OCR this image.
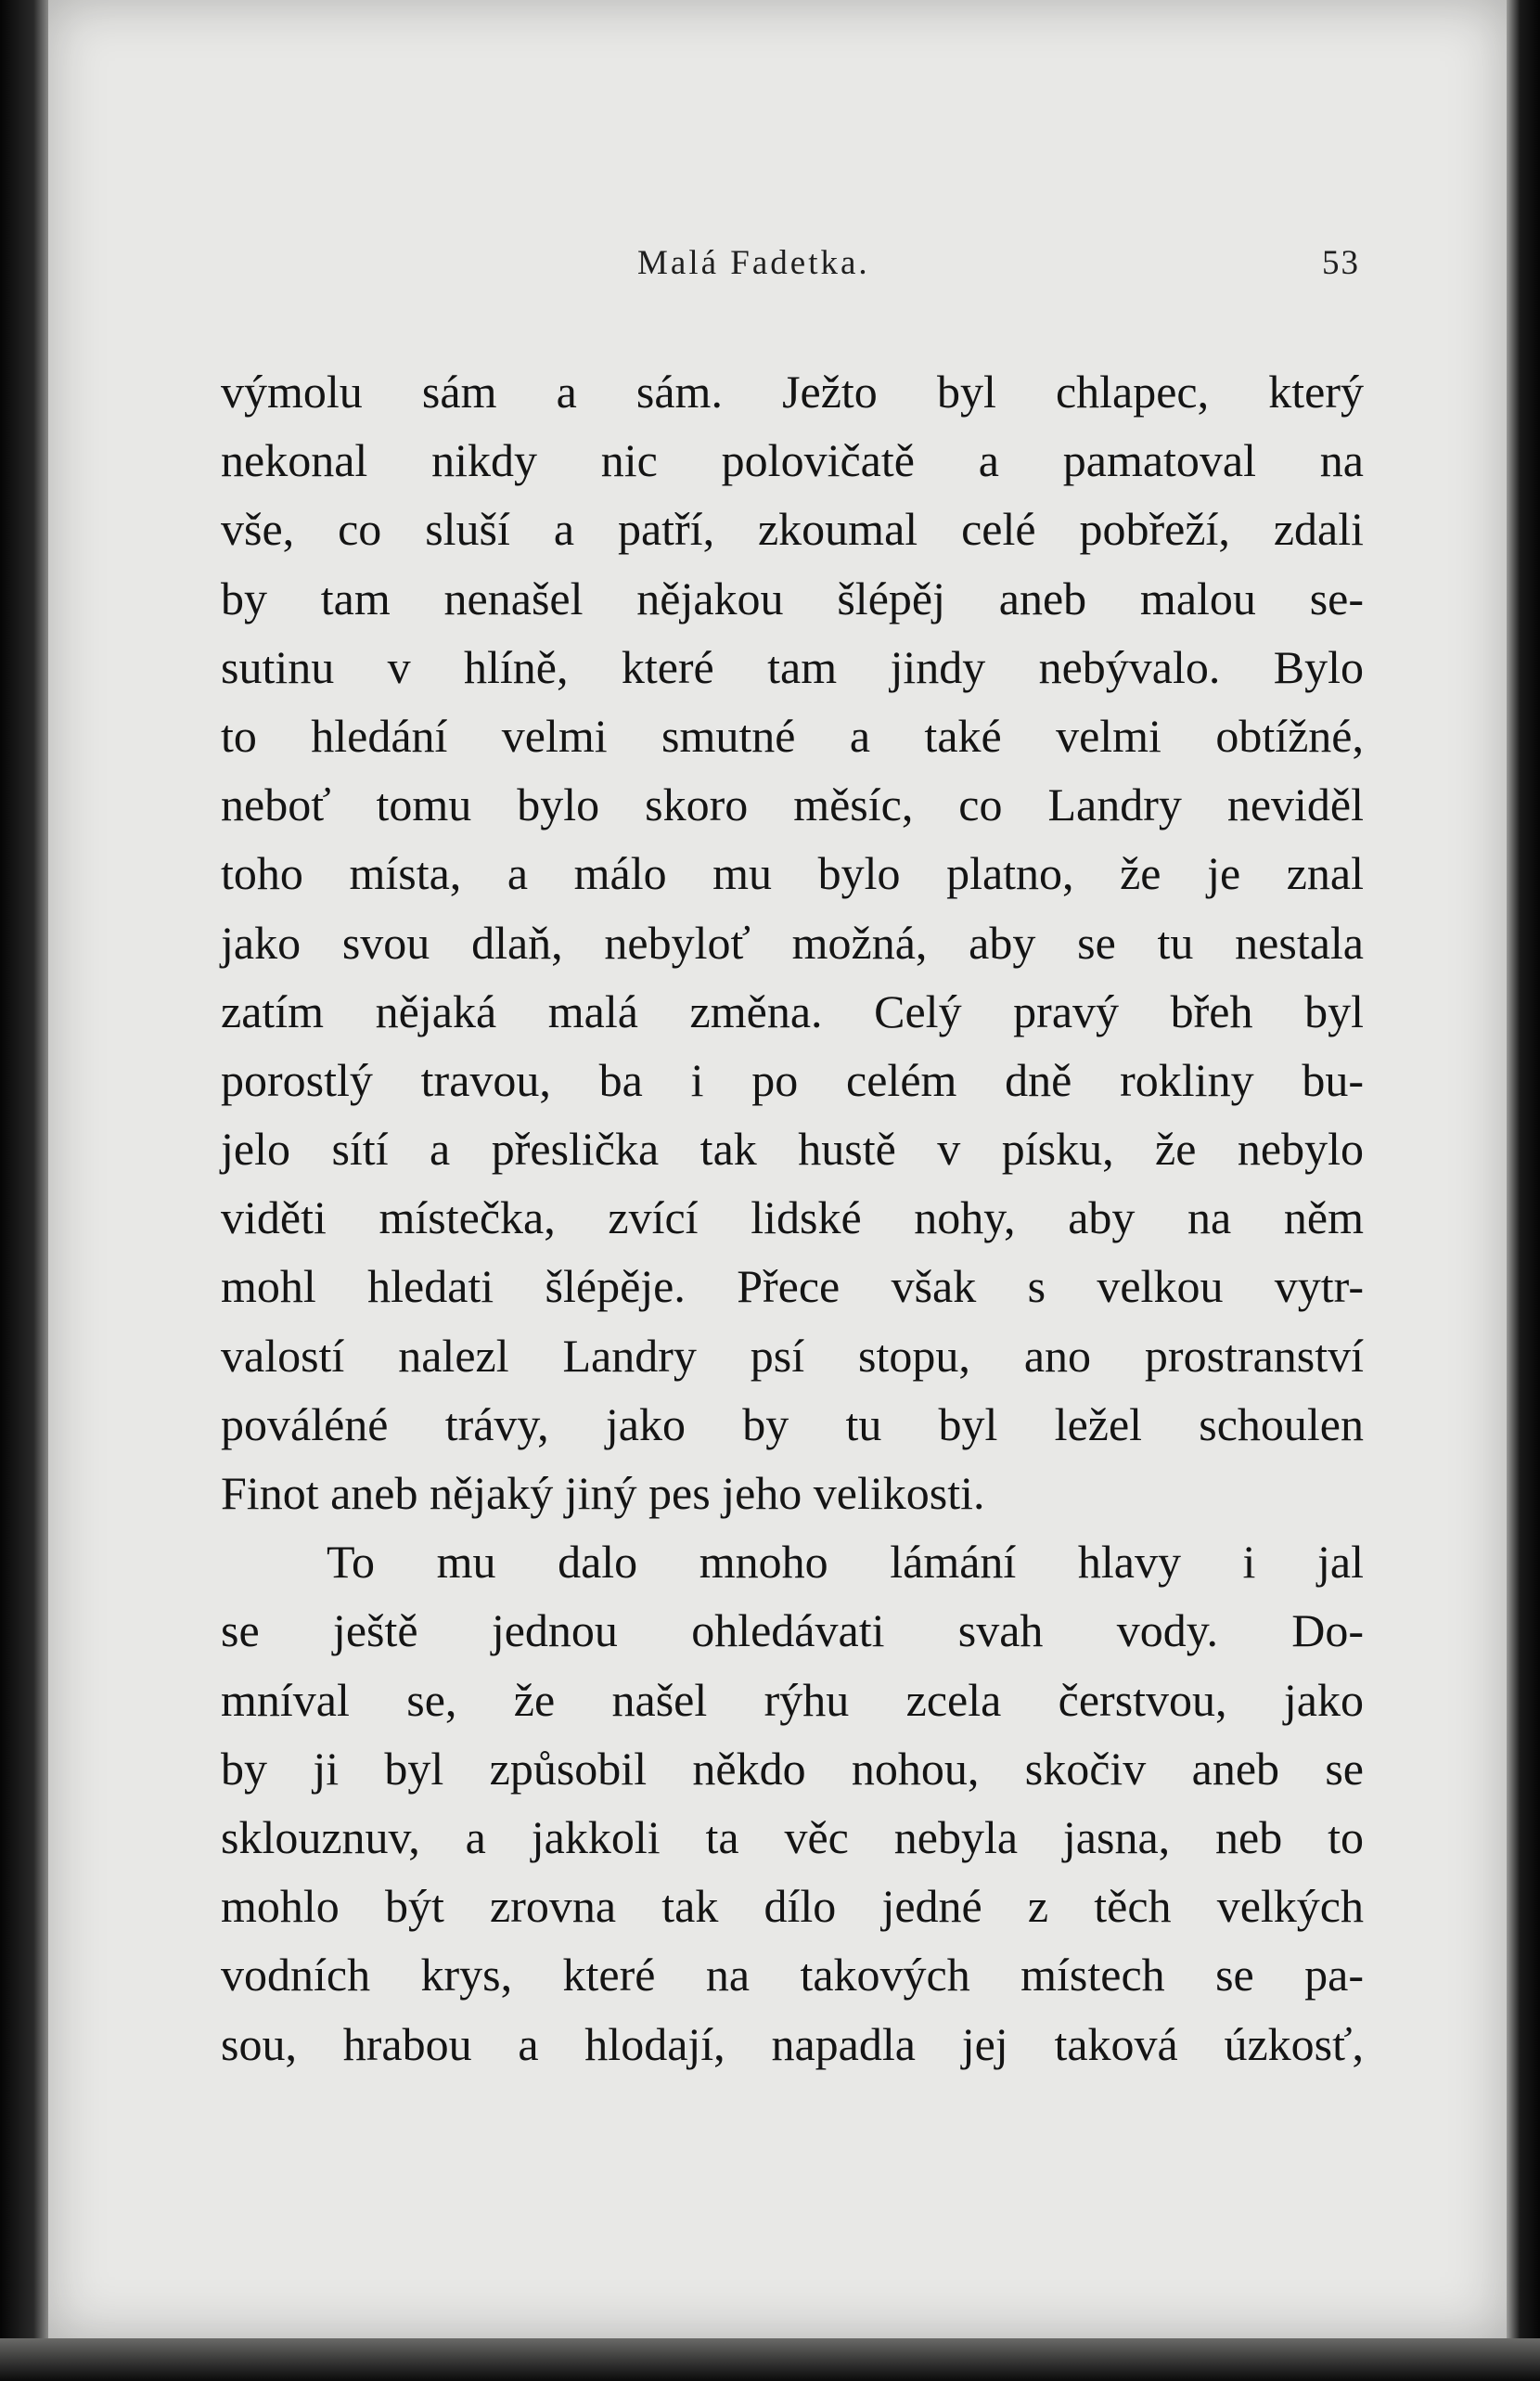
Malá Fadetka.	53
výmolu sám a sám. Ježto byl chlapec, který
nekonal nikdy nic polovičatě a pamatoval na
vše, co sluší a patří, zkoumal celé pobřeží, zdali
by tam nenašel nějakou šlépěj aneb malou se-
sutinu v hlíně, které tam jindy nebývalo. Bylo
to hledání velmi smutné a také velmi obtížné,
neboť tomu bylo skoro měsíc, co Landry neviděl
toho místa, a málo mu bylo platno, že je znal
jako svou dlaň, nebyloť možná, aby se tu nestala
zatím nějaká malá změna. Celý pravý břeh byl
porostlý travou, ba i po celém dně rokliny bu-
jelo sítí a přeslička tak hustě v písku, že nebylo
viděti místečka, zvící lidské nohy, aby na něm
mohl hledati šlépěje. Přece však s velkou vytr-
valostí nalezl Landry psí stopu, ano prostranství
pováléné trávy, jako by tu byl ležel schoulen
Finot aneb nějaký jiný pes jeho velikosti.
To mu dalo mnoho lámání hlavy i jal
se ještě jednou ohledávati svah vody. Do-
mníval se, že našel rýhu zcela čerstvou, jako
by ji byl způsobil někdo nohou, skočiv aneb se
sklouznuv, a jakkoli ta věc nebyla jasna, neb to
mohlo být zrovna tak dílo jedné z těch velkých
vodních krys, které na takových místech se pa-
sou, hrabou a hlodají, napadla jej taková úzkosť,
